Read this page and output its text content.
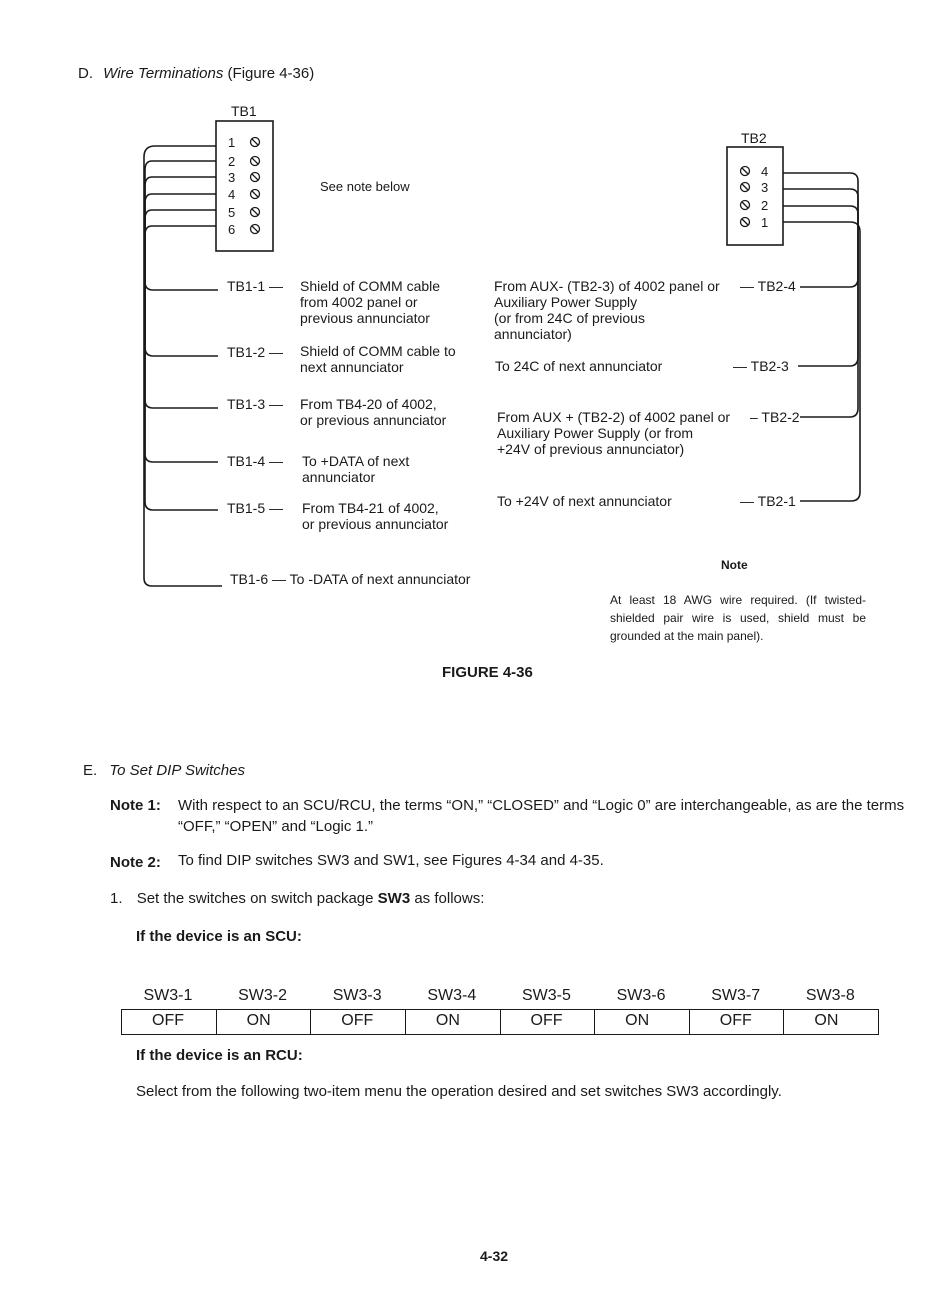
D. Wire Terminations (Figure 4-36)
TB1
TB2
1
2
3
4
5
6
4
3
2
1
See note below
TB1-1 — Shield of COMM cable
from 4002 panel or
previous annunciator
TB1-2 — Shield of COMM cable to
next annunciator
TB1-3 — From TB4-20 of 4002,
or previous annunciator
TB1-4 — To +DATA of next
annunciator
TB1-5 — From TB4-21 of 4002,
or previous annunciator
TB1-6 — To -DATA of next annunciator
From AUX- (TB2-3) of 4002 panel or
Auxiliary Power Supply
(or from 24C of previous
annunciator)
— TB2-4
To 24C of next annunciator	— TB2-3
From AUX + (TB2-2) of 4002 panel or
Auxiliary Power Supply (or from
+24V of previous annunciator)
– TB2-2
To +24V of next annunciator	— TB2-1
Note
At least 18 AWG wire required. (If twisted-shielded pair wire is used, shield must be grounded at the main panel).
FIGURE 4-36
E. To Set DIP Switches
Note 1: With respect to an SCU/RCU, the terms “ON,” “CLOSED” and “Logic 0” are interchangeable, as are the terms “OFF,” “OPEN” and “Logic 1.”
Note 2: To find DIP switches SW3 and SW1, see Figures 4-34 and 4-35.
1. Set the switches on switch package SW3 as follows:
If the device is an SCU:
SW3-1	SW3-2	SW3-3	SW3-4	SW3-5	SW3-6	SW3-7	SW3-8
OFF	ON	OFF	ON	OFF	ON	OFF	ON
If the device is an RCU:
Select from the following two-item menu the operation desired and set switches SW3 accordingly.
4-32
